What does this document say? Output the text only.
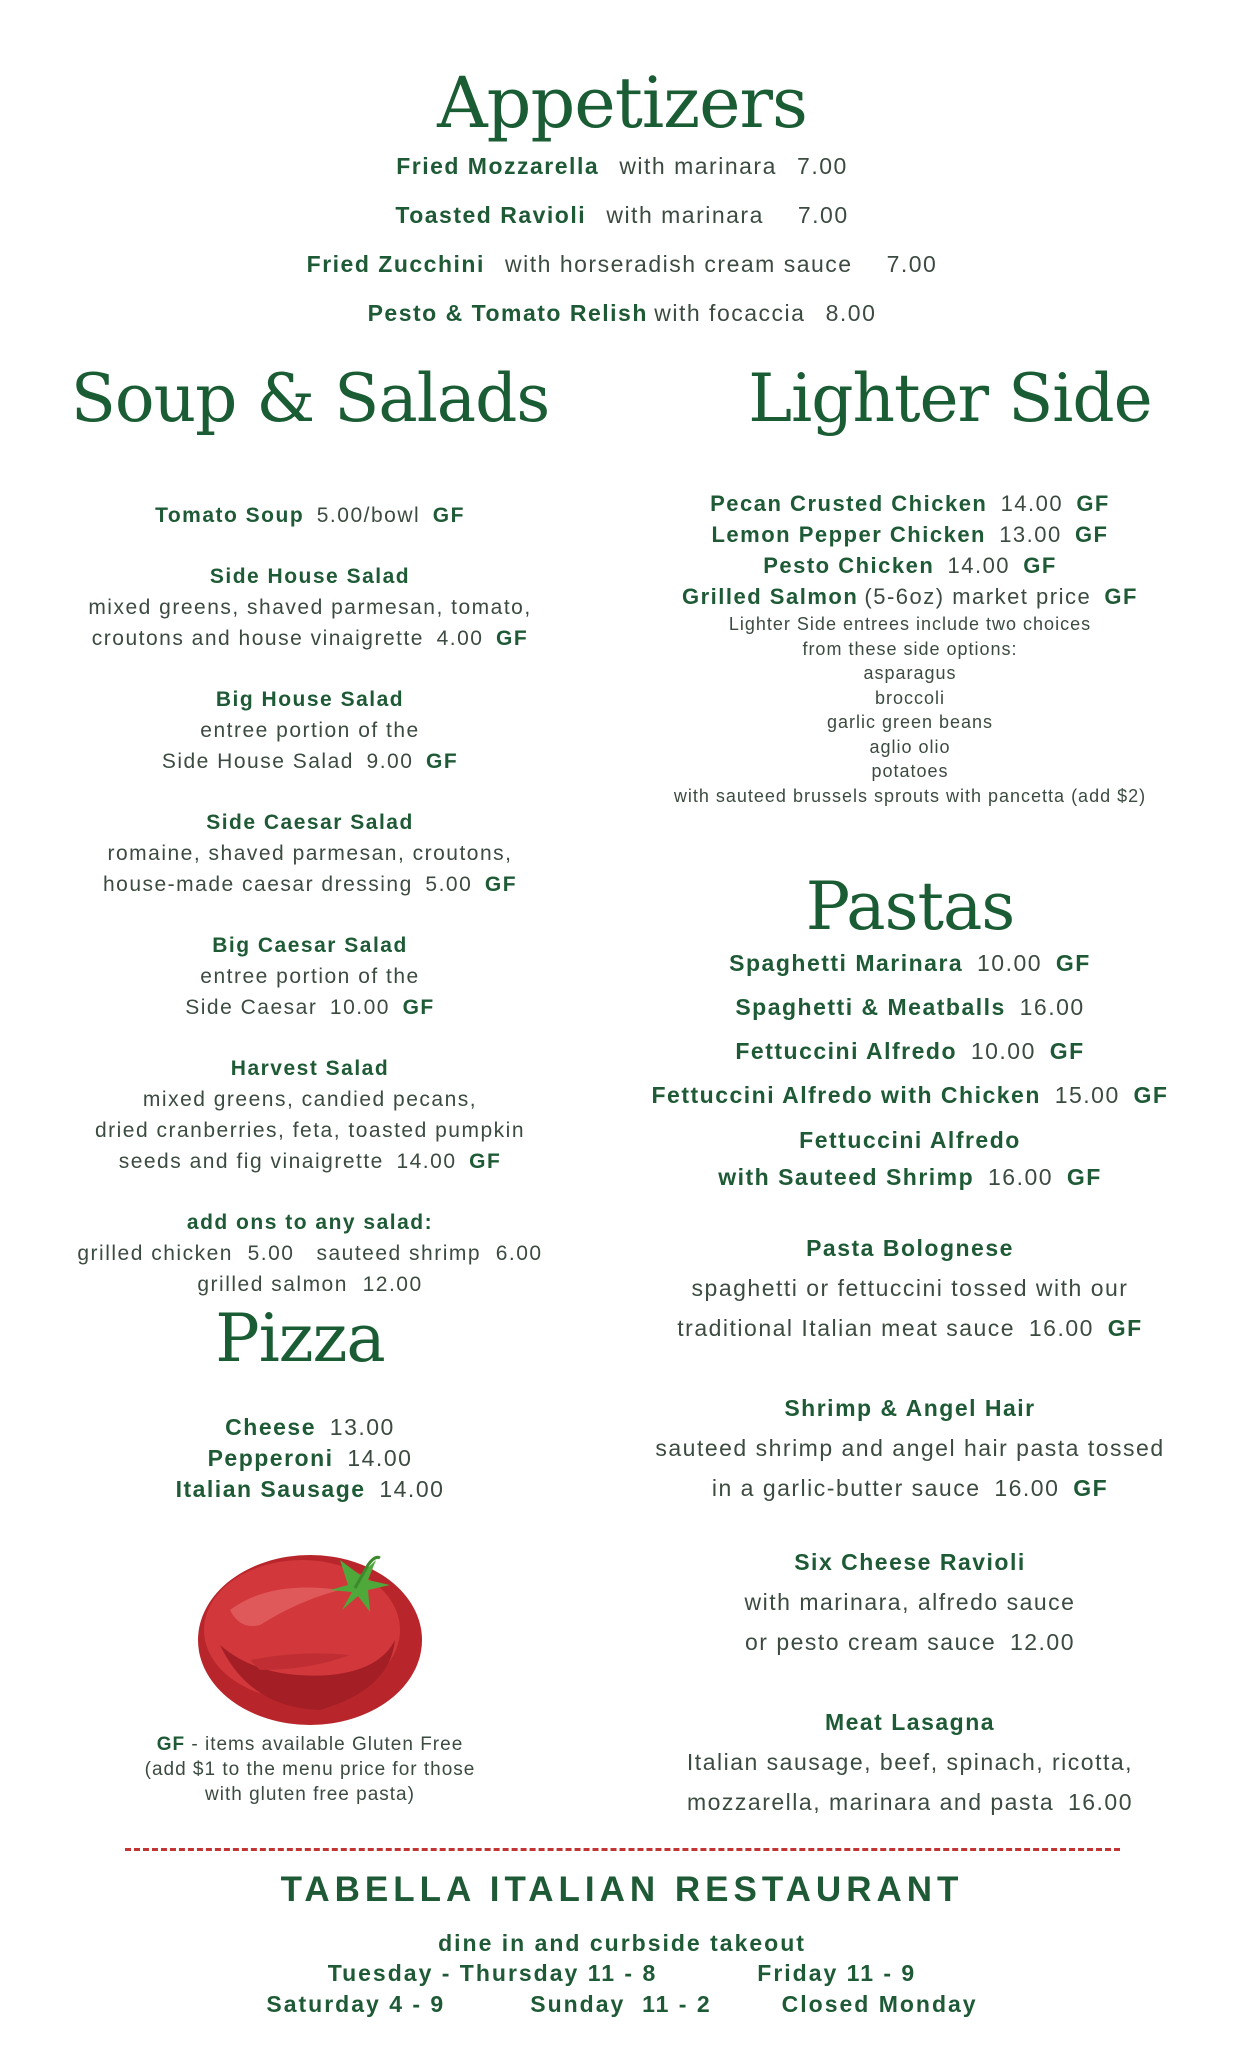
Appetizers
Fried Mozzarella with marinara 7.00
Toasted Ravioli with marinara 7.00
Fried Zucchini with horseradish cream sauce 7.00
Pesto & Tomato Relish with focaccia 8.00
Soup & Salads
Tomato Soup 5.00/bowl GF
Side House Salad
mixed greens, shaved parmesan, tomato,
croutons and house vinaigrette 4.00 GF
Big House Salad
entree portion of the
Side House Salad 9.00 GF
Side Caesar Salad
romaine, shaved parmesan, croutons,
house-made caesar dressing 5.00 GF
Big Caesar Salad
entree portion of the
Side Caesar 10.00 GF
Harvest Salad
mixed greens, candied pecans,
dried cranberries, feta, toasted pumpkin
seeds and fig vinaigrette 14.00 GF
add ons to any salad:
grilled chicken  5.00   sauteed shrimp  6.00
grilled salmon  12.00
Pizza
Cheese 13.00
Pepperoni 14.00
Italian Sausage 14.00
GF - items available Gluten Free
(add $1 to the menu price for those
with gluten free pasta)
Lighter Side
Pecan Crusted Chicken 14.00 GF
Lemon Pepper Chicken 13.00 GF
Pesto Chicken 14.00 GF
Grilled Salmon (5-6oz) market price GF
Lighter Side entrees include two choices
from these side options:
asparagus
broccoli
garlic green beans
aglio olio
potatoes
with sauteed brussels sprouts with pancetta (add $2)
Pastas
Spaghetti Marinara 10.00 GF
Spaghetti & Meatballs 16.00
Fettuccini Alfredo 10.00 GF
Fettuccini Alfredo with Chicken 15.00 GF
Fettuccini Alfredo
with Sauteed Shrimp 16.00 GF
Pasta Bolognese
spaghetti or fettuccini tossed with our
traditional Italian meat sauce 16.00 GF
Shrimp & Angel Hair
sauteed shrimp and angel hair pasta tossed
in a garlic-butter sauce 16.00 GF
Six Cheese Ravioli
with marinara, alfredo sauce
or pesto cream sauce 12.00
Meat Lasagna
Italian sausage, beef, spinach, ricotta,
mozzarella, marinara and pasta 16.00
TABELLA ITALIAN RESTAURANT
dine in and curbside takeout
Tuesday - Thursday 11 - 8	Friday 11 - 9
Saturday 4 - 9	Sunday  11 - 2	Closed Monday
